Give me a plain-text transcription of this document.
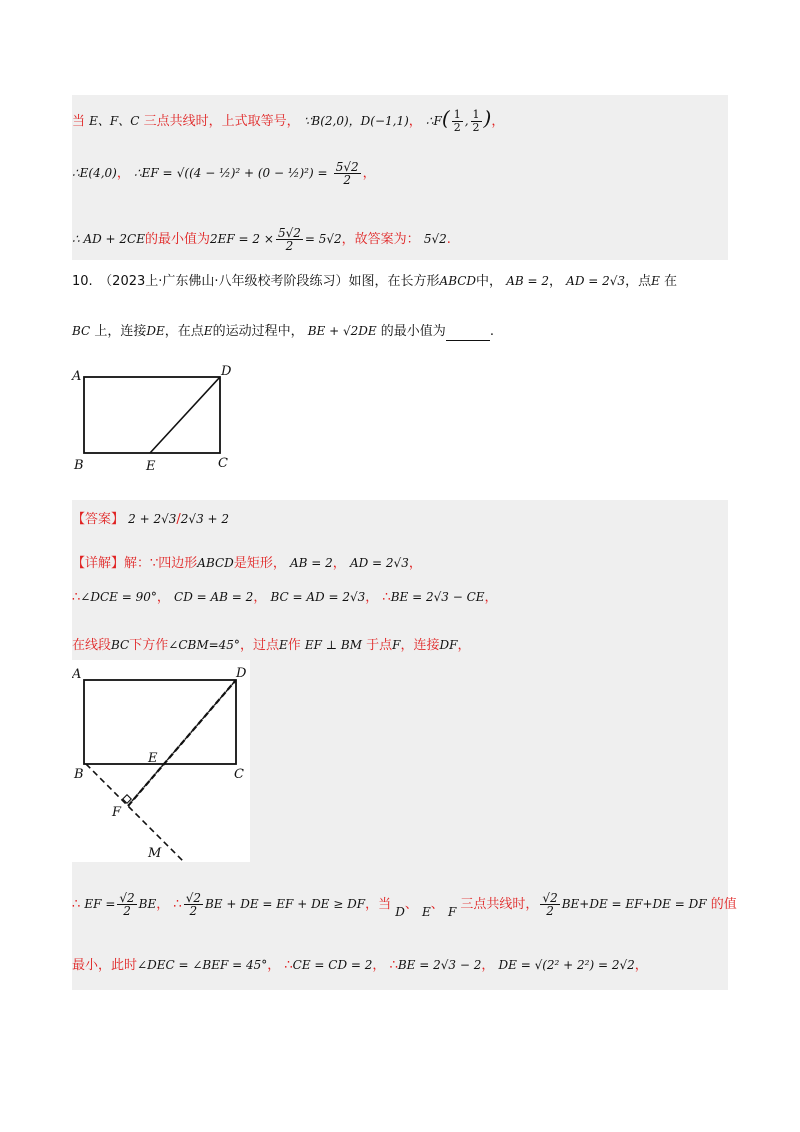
当 E、F、C 三点共线时，上式取等号， ∵B(2,0)，D(−1,1)， ∴F( $\frac{1}{2}$ , $\frac{1}{2}$ )，
∴E(4,0)， ∴EF = √((4 − ½)² + (0 − ½)²) = $\frac{5√2}{2}$ ，
∴ AD + 2CE的最小值为$2EF = 2 \times \frac{5√2}{2} = 5√2$，故答案为： 5√2.
10.　（2023上·广东佛山·八年级校考阶段练习）如图，在长方形ABCD中， AB = 2， AD = 2√3，点E 在
BC 上，连接DE，在点E的运动过程中， BE + √2DE 的最小值为	.
A	D
B	E	C
【答案】 2 + 2√3/2√3 + 2
【详解】解：∵四边形ABCD是矩形， AB = 2， AD = 2√3，
∴∠DCE = 90°， CD = AB = 2， BC = AD = 2√3， ∴BE = 2√3 − CE，
在线段BC下方作∠CBM=45°，过点E作 EF ⊥ BM 于点F，连接DF，
A	D
B
E
C
F
M
∴ EF = $\frac{√2}{2}$ BE， ∴ $\frac{√2}{2}$ BE + DE = EF + DE ≥ DF，当 D、 E、 F 三点共线时， $\frac{√2}{2} BE+DE = EF+DE$ = DF 的值
最小，此时∠DEC = ∠BEF = 45°， ∴CE = CD = 2， ∴BE = 2√3 − 2， DE = √(2² + 2²) = 2√2，
